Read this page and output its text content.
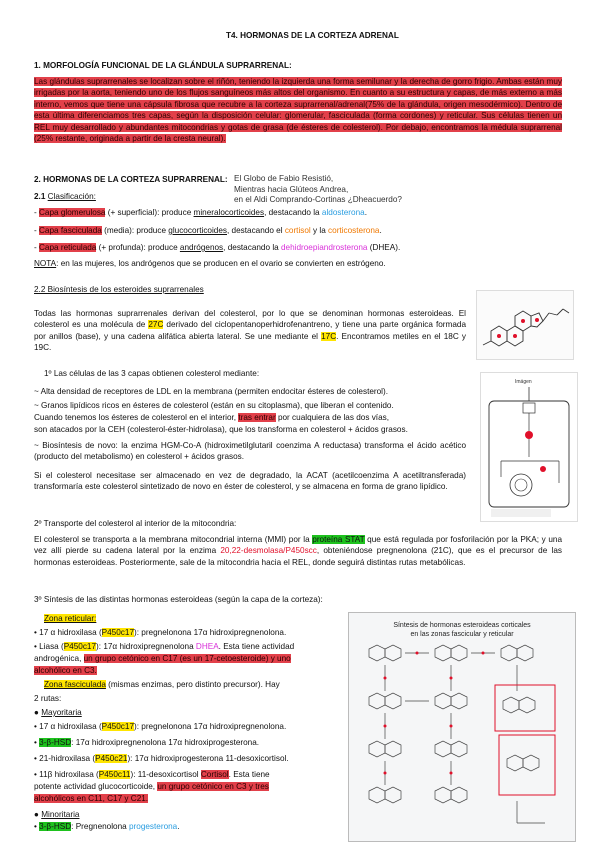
T4. HORMONAS DE LA CORTEZA ADRENAL
1. MORFOLOGÍA FUNCIONAL DE LA GLÁNDULA SUPRARRENAL:
Las glándulas suprarrenales se localizan sobre el riñón, teniendo la izquierda una forma semilunar y la derecha de gorro frigio. Ambas están muy irrigadas por la aorta, teniendo uno de los flujos sanguíneos más altos del organismo. En cuanto a su estructura y capas, de más externo a más interno, vemos que tiene una cápsula fibrosa que recubre a la corteza suprarrenal/adrenal(75% de la glándula, origen mesodérmico). Dentro de esta última diferenciamos tres capas, según la disposición celular: glomerular, fasciculada (forma cordones) y reticular. Sus células tienen un REL muy desarrollado y abundantes mitocondrias y gotas de grasa (de ésteres de colesterol). Por debajo, encontramos la médula suprarrenal (25% restante, originada a partir de la cresta neural).
2. HORMONAS DE LA CORTEZA SUPRARRENAL: El Globo de Fabio Resistió,
Mientras hacia Glúteos Andrea,
en el Aldi Comprando-Cortinas ¿Dheacuerdo?
2.1 Clasificación:
- Capa glomerulosa (+ superficial): produce mineralocorticoides, destacando la aldosterona.
- Capa fasciculada (media): produce glucocorticoides, destacando el cortisol y la corticosterona.
- Capa reticulada (+ profunda): produce andrógenos, destacando la dehidroepiandrosterona (DHEA).
NOTA: en las mujeres, los andrógenos que se producen en el ovario se convierten en estrógeno.
2.2 Biosíntesis de los esteroides suprarrenales
Todas las hormonas suprarrenales derivan del colesterol, por lo que se denominan hormonas esteroideas. El colesterol es una molécula de 27C derivado del ciclopentanoperhidrofenantreno, y tiene una parte orgánica formada por anillos (base), y una cadena alifática abierta lateral. Se une mediante el 17C. Encontramos metiles en el 18C y 19C.
1º Las células de las 3 capas obtienen colesterol mediante:
~ Alta densidad de receptores de LDL en la membrana (permiten endocitar ésteres de colesterol).
~ Granos lipídicos ricos en ésteres de colesterol (están en su citoplasma), que liberan el contenido.
Cuando tenemos los ésteres de colesterol en el interior, tras entrar por cualquiera de las dos vías,
son atacados por la CEH (colesterol-éster-hidrolasa), que los transforma en colesterol + ácidos grasos.
~ Biosíntesis de novo: la enzima HGM-Co-A (hidroximetilglutaril coenzima A reductasa) transforma el ácido acético (producto del metabolismo) en colesterol + ácidos grasos.
Si el colesterol necesitase ser almacenado en vez de degradado, la ACAT (acetilcoenzima A acetiltransferada) transformaría este colesterol sintetizado de novo en éster de colesterol, y se almacena en forma de grano lipídico.
Imágen
2º Transporte del colesterol al interior de la mitocondria:
El colesterol se transporta a la membrana mitocondrial interna (MMI) por la proteína STAT que está regulada por fosforilación por la PKA; y una vez allí pierde su cadena lateral por la enzima 20,22-desmolasa/P450scc, obteniéndose pregnenolona (21C), que es el precursor de las hormonas esteroideas. Posteriormente, sale de la mitocondria hacia el REL, donde seguirá distintas rutas metabólicas.
3º Síntesis de las distintas hormonas esteroideas (según la capa de la corteza):
Zona reticular:
• 17 α hidroxilasa (P450c17): pregnelonona 17α hidroxipregnenolona.
• Liasa (P450c17): 17α hidroxipregnenolona DHEA. Esta tiene actividad
androgénica, un grupo cetónico en C17 (es un 17-cetoesteroide) y uno
alcohólico en C3.
Zona fasciculada (mismas enzimas, pero distinto precursor). Hay
2 rutas:
● Mayoritaria
• 17 α hidroxilasa (P450c17): pregnelonona 17α hidroxipregnenolona.
• 3-β-HSD: 17α hidroxipregnenolona 17α hidroxiprogesterona.
• 21-hidroxilasa (P450c21): 17α hidroxiprogesterona 11-desoxicortisol.
• 11β hidroxilasa (P450c11): 11-desoxicortisol Cortisol. Esta tiene
potente actividad glucocorticoide, un grupo cetónico en C3 y tres
alcohólicos en C11, C17 y C21.
● Minoritaria
• 3-β-HSD: Pregnenolona progesterona.
Síntesis de hormonas esteroideas corticales
en las zonas fascicular y reticular
